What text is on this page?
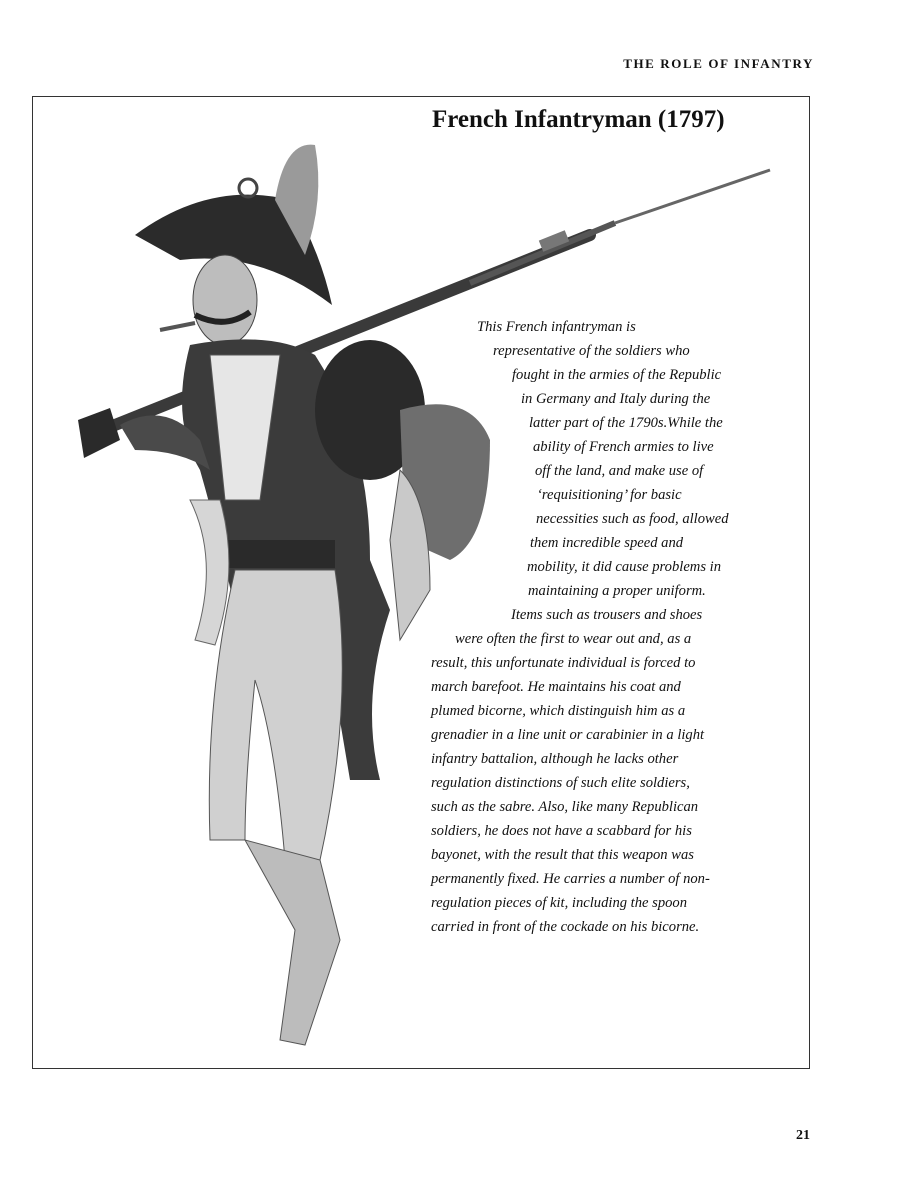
THE ROLE OF INFANTRY
French Infantryman (1797)
This French infantryman is
representative of the soldiers who
fought in the armies of the Republic
in Germany and Italy during the
latter part of the 1790s.While the
ability of French armies to live
off the land, and make use of
‘requisitioning’ for basic
necessities such as food, allowed
them incredible speed and
mobility, it did cause problems in
maintaining a proper uniform.
Items such as trousers and shoes
were often the first to wear out and, as a
result, this unfortunate individual is forced to
march barefoot. He maintains his coat and
plumed bicorne, which distinguish him as a
grenadier in a line unit or carabinier in a light
infantry battalion, although he lacks other
regulation distinctions of such elite soldiers,
such as the sabre. Also, like many Republican
soldiers, he does not have a scabbard for his
bayonet, with the result that this weapon was
permanently fixed. He carries a number of non-
regulation pieces of kit, including the spoon
carried in front of the cockade on his bicorne.
21
